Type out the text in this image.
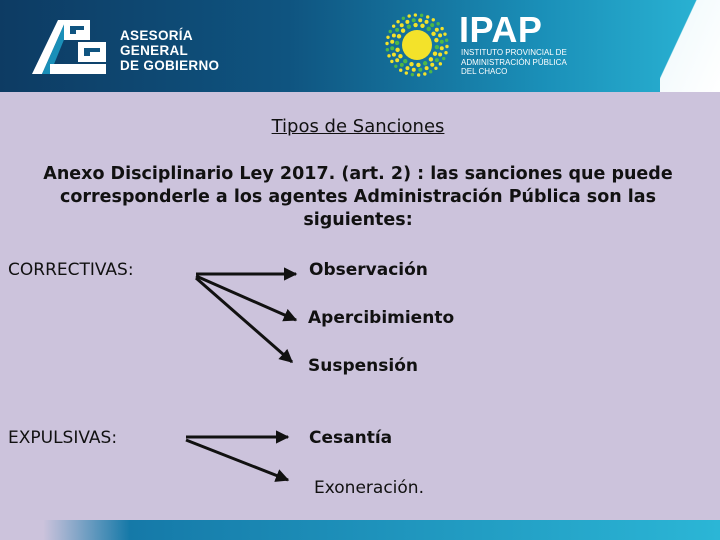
ASESORÍA
GENERAL
DE GOBIERNO
IPAP
INSTITUTO PROVINCIAL DE
ADMINISTRACIÓN PÚBLICA
DEL CHACO
Tipos de Sanciones
Anexo Disciplinario Ley 2017. (art. 2) : las sanciones que puede corresponderle a los agentes Administración Pública son las siguientes:
CORRECTIVAS:	Observación
Apercibimiento
Suspensión
EXPULSIVAS:	Cesantía
Exoneración.
